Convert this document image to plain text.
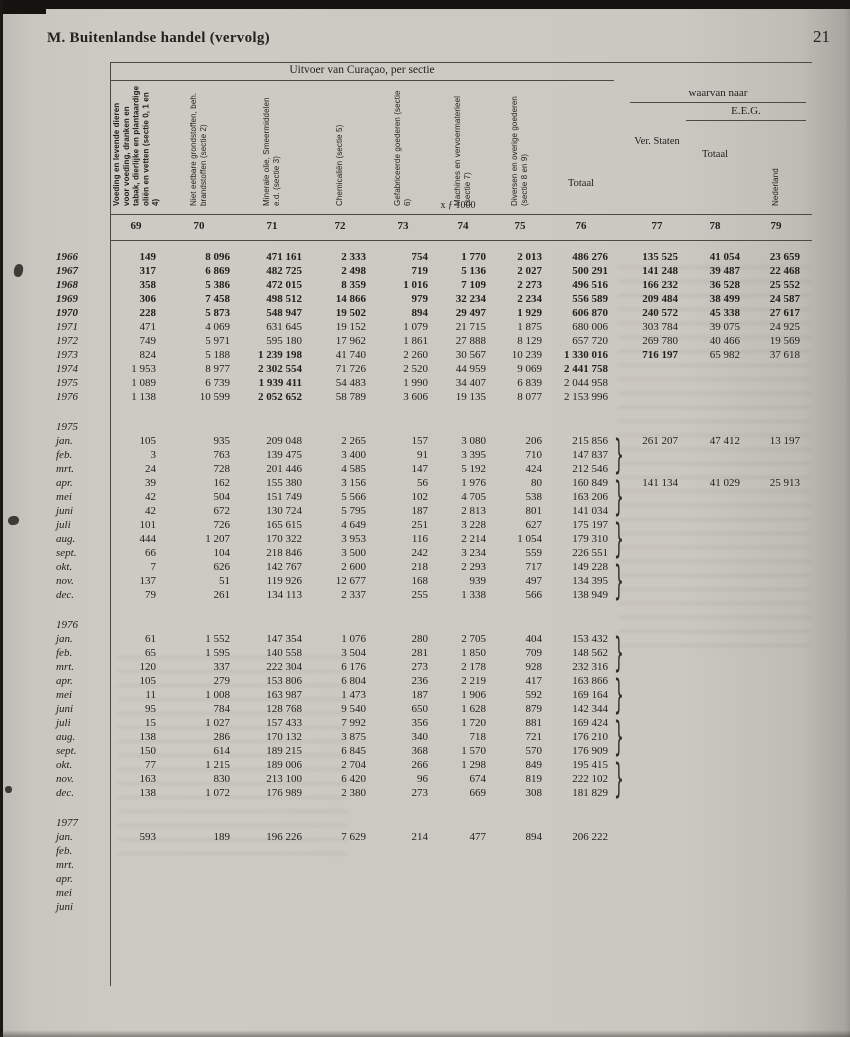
M. Buitenlandse handel (vervolg)	21
Uitvoer van Curaçao, per sectie
waarvan naar
E.E.G.
Voeding en levende dieren voor voeding, dranken en tabak, dierlijke en plantaardige oliën en vetten (sectie 0, 1 en 4)
69
Niet eetbare grondstoffen, beh. brandstoffen (sectie 2)
70
Minerale olie, Smeermiddelen e.d. (sectie 3)
71
Chemicaliën (sectie 5)
72
Gefabriceerde goederen (sectie 6)
73
Machines en vervoermaterieel (sectie 7)
74
Diversen en overige goederen (sectie 8 en 9)
75
Totaal
76
Ver. Staten
77
Totaal
78
Nederland
79
x ƒ 1000
1966	149	8 096	471 161	2 333	754	1 770	2 013	486 276		135 525	41 054	23 659
1967	317	6 869	482 725	2 498	719	5 136	2 027	500 291		141 248	39 487	22 468
1968	358	5 386	472 015	8 359	1 016	7 109	2 273	496 516		166 232	36 528	25 552
1969	306	7 458	498 512	14 866	979	32 234	2 234	556 589		209 484	38 499	24 587
1970	228	5 873	548 947	19 502	894	29 497	1 929	606 870		240 572	45 338	27 617
1971	471	4 069	631 645	19 152	1 079	21 715	1 875	680 006		303 784	39 075	24 925
1972	749	5 971	595 180	17 962	1 861	27 888	8 129	657 720		269 780	40 466	19 569
1973	824	5 188	1 239 198	41 740	2 260	30 567	10 239	1 330 016		716 197	65 982	37 618
1974	1 953	8 977	2 302 554	71 726	2 520	44 959	9 069	2 441 758				
1975	1 089	6 739	1 939 411	54 483	1 990	34 407	6 839	2 044 958				
1976	1 138	10 599	2 052 652	58 789	3 606	19 135	8 077	2 153 996				
1975												
jan.	105	935	209 048	2 265	157	3 080	206	215 856	}	261 207	47 412	13 197
feb.	3	763	139 475	3 400	91	3 395	710	147 837				
mrt.	24	728	201 446	4 585	147	5 192	424	212 546				
apr.	39	162	155 380	3 156	56	1 976	80	160 849	}	141 134	41 029	25 913
mei	42	504	151 749	5 566	102	4 705	538	163 206				
juni	42	672	130 724	5 795	187	2 813	801	141 034				
juli	101	726	165 615	4 649	251	3 228	627	175 197	}			
aug.	444	1 207	170 322	3 953	116	2 214	1 054	179 310				
sept.	66	104	218 846	3 500	242	3 234	559	226 551				
okt.	7	626	142 767	2 600	218	2 293	717	149 228	}			
nov.	137	51	119 926	12 677	168	939	497	134 395				
dec.	79	261	134 113	2 337	255	1 338	566	138 949				
1976												
jan.	61	1 552	147 354	1 076	280	2 705	404	153 432	}			
feb.	65	1 595	140 558	3 504	281	1 850	709	148 562				
mrt.	120	337	222 304	6 176	273	2 178	928	232 316				
apr.	105	279	153 806	6 804	236	2 219	417	163 866	}			
mei	11	1 008	163 987	1 473	187	1 906	592	169 164				
juni	95	784	128 768	9 540	650	1 628	879	142 344				
juli	15	1 027	157 433	7 992	356	1 720	881	169 424	}			
aug.	138	286	170 132	3 875	340	718	721	176 210				
sept.	150	614	189 215	6 845	368	1 570	570	176 909				
okt.	77	1 215	189 006	2 704	266	1 298	849	195 415	}			
nov.	163	830	213 100	6 420	96	674	819	222 102				
dec.	138	1 072	176 989	2 380	273	669	308	181 829				
1977												
jan.	593	189	196 226	7 629	214	477	894	206 222				
feb.												
mrt.												
apr.												
mei												
juni												
